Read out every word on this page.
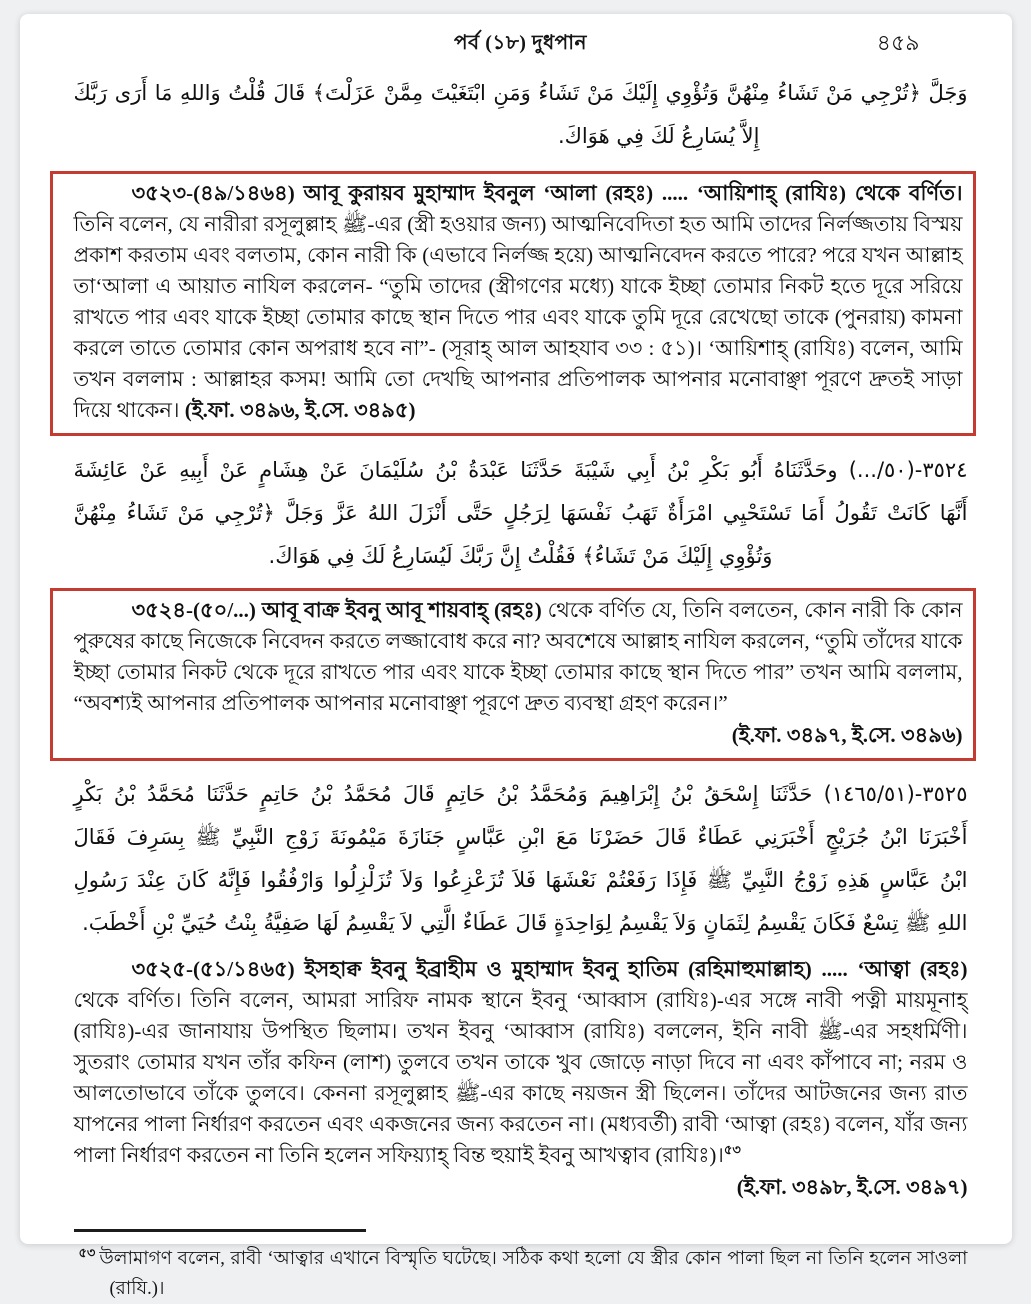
পর্ব (১৮) দুধপান	৪৫৯
وَجَلَّ ﴿تُرْجِي مَنْ تَشَاءُ مِنْهُنَّ وَتُؤْوِي إِلَيْكَ مَنْ تَشَاءُ وَمَنِ ابْتَغَيْتَ مِمَّنْ عَزَلْتَ﴾ قَالَ قُلْتُ وَاللهِ مَا أَرَى رَبَّكَ
إِلاَّ يُسَارِعُ لَكَ فِي هَوَاكَ.

৩৫২৩-(৪৯/১৪৬৪) আবূ কুরায়ব মুহাম্মাদ ইবনুল ‘আলা (রহঃ) ..... ‘আয়িশাহ্ (রাযিঃ) থেকে বর্ণিত। তিনি বলেন, যে নারীরা রসূলুল্লাহ ﷺ-এর (স্ত্রী হওয়ার জন্য) আত্মনিবেদিতা হত আমি তাদের নির্লজ্জতায় বিস্ময় প্রকাশ করতাম এবং বলতাম, কোন নারী কি (এভাবে নির্লজ্জ হয়ে) আত্মনিবেদন করতে পারে? পরে যখন আল্লাহ তা‘আলা এ আয়াত নাযিল করলেন- “তুমি তাদের (স্ত্রীগণের মধ্যে) যাকে ইচ্ছা তোমার নিকট হতে দূরে সরিয়ে রাখতে পার এবং যাকে ইচ্ছা তোমার কাছে স্থান দিতে পার এবং যাকে তুমি দূরে রেখেছো তাকে (পুনরায়) কামনা করলে তাতে তোমার কোন অপরাধ হবে না”- (সূরাহ্ আল আহযাব ৩৩ : ৫১)। ‘আয়িশাহ্ (রাযিঃ) বলেন, আমি তখন বললাম : আল্লাহর কসম! আমি তো দেখছি আপনার প্রতিপালক আপনার মনোবাঞ্ছা পূরণে দ্রুতই সাড়া দিয়ে থাকেন। (ই.ফা. ৩৪৯৬, ই.সে. ৩৪৯৫)

٣٥٢٤-(٥٠/...) وحَدَّثَنَاهُ أَبُو بَكْرِ بْنُ أَبِي شَيْبَةَ حَدَّثَنَا عَبْدَةُ بْنُ سُلَيْمَانَ عَنْ هِشَامٍ عَنْ أَبِيهِ عَنْ عَائِشَةَ
أَنَّهَا كَانَتْ تَقُولُ أَمَا تَسْتَحْيِي امْرَأَةٌ تَهَبُ نَفْسَهَا لِرَجُلٍ حَتَّى أَنْزَلَ اللهُ عَزَّ وَجَلَّ ﴿تُرْجِي مَنْ تَشَاءُ مِنْهُنَّ
وَتُؤْوِي إِلَيْكَ مَنْ تَشَاءُ﴾ فَقُلْتُ إِنَّ رَبَّكَ لَيُسَارِعُ لَكَ فِي هَوَاكَ.

৩৫২৪-(৫০/...) আবূ বাক্র ইবনু আবূ শায়বাহ্ (রহঃ) থেকে বর্ণিত যে, তিনি বলতেন, কোন নারী কি কোন পুরুষের কাছে নিজেকে নিবেদন করতে লজ্জাবোধ করে না? অবশেষে আল্লাহ নাযিল করলেন, “তুমি তাঁদের যাকে ইচ্ছা তোমার নিকট থেকে দূরে রাখতে পার এবং যাকে ইচ্ছা তোমার কাছে স্থান দিতে পার” তখন আমি বললাম, “অবশ্যই আপনার প্রতিপালক আপনার মনোবাঞ্ছা পূরণে দ্রুত ব্যবস্থা গ্রহণ করেন।”

(ই.ফা. ৩৪৯৭, ই.সে. ৩৪৯৬)
٣٥٢٥-(١٤٦٥/٥١) حَدَّثَنَا إِسْحَقُ بْنُ إِبْرَاهِيمَ وَمُحَمَّدُ بْنُ حَاتِمٍ قَالَ مُحَمَّدُ بْنُ حَاتِمٍ حَدَّثَنَا مُحَمَّدُ بْنُ بَكْرٍ
أَخْبَرَنَا ابْنُ جُرَيْجٍ أَخْبَرَنِي عَطَاءٌ قَالَ حَضَرْنَا مَعَ ابْنِ عَبَّاسٍ جَنَازَةَ مَيْمُونَةَ زَوْجِ النَّبِيِّ ﷺ بِسَرِفَ فَقَالَ
ابْنُ عَبَّاسٍ هَذِهِ زَوْجُ النَّبِيِّ ﷺ فَإِذَا رَفَعْتُمْ نَعْشَهَا فَلاَ تُزَعْزِعُوا وَلاَ تُزَلْزِلُوا وَارْفُقُوا فَإِنَّهُ كَانَ عِنْدَ رَسُولِ
اللهِ ﷺ تِسْعٌ فَكَانَ يَقْسِمُ لِثَمَانٍ وَلاَ يَقْسِمُ لِوَاحِدَةٍ قَالَ عَطَاءٌ الَّتِي لاَ يَقْسِمُ لَهَا صَفِيَّةُ بِنْتُ حُيَيِّ بْنِ أَخْطَبَ.

৩৫২৫-(৫১/১৪৬৫) ইসহাক্ব ইবনু ইব্রাহীম ও মুহাম্মাদ ইবনু হাতিম (রহিমাহুমাল্লাহ) ..... ‘আত্বা (রহঃ) থেকে বর্ণিত। তিনি বলেন, আমরা সারিফ নামক স্থানে ইবনু ‘আব্বাস (রাযিঃ)-এর সঙ্গে নাবী পত্নী মায়মূনাহ্ (রাযিঃ)-এর জানাযায় উপস্থিত ছিলাম। তখন ইবনু ‘আব্বাস (রাযিঃ) বললেন, ইনি নাবী ﷺ-এর সহধর্মিণী। সুতরাং তোমার যখন তাঁর কফিন (লাশ) তুলবে তখন তাকে খুব জোড়ে নাড়া দিবে না এবং কাঁপাবে না; নরম ও আলতোভাবে তাঁকে তুলবে। কেননা রসূলুল্লাহ ﷺ-এর কাছে নয়জন স্ত্রী ছিলেন। তাঁদের আটজনের জন্য রাত যাপনের পালা নির্ধারণ করতেন এবং একজনের জন্য করতেন না। (মধ্যবর্তী) রাবী ‘আত্বা (রহঃ) বলেন, যাঁর জন্য পালা নির্ধারণ করতেন না তিনি হলেন সফিয়্যাহ্ বিন্ত হুয়াই ইবনু আখত্বাব (রাযিঃ)।$^{৫৩}$

(ই.ফা. ৩৪৯৮, ই.সে. ৩৪৯৭)
$^{৫৩}$ উলামাগণ বলেন, রাবী ‘আত্বার এখানে বিস্মৃতি ঘটেছে। সঠিক কথা হলো যে স্ত্রীর কোন পালা ছিল না তিনি হলেন সাওলা (রাযি.)।
